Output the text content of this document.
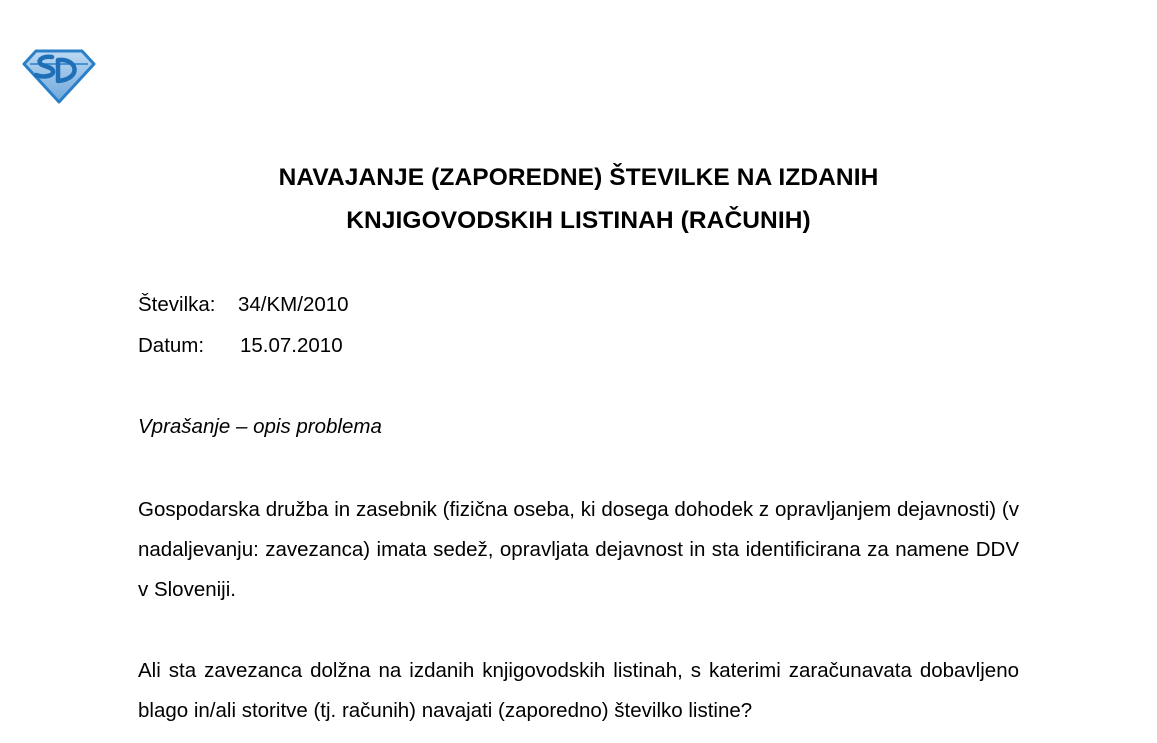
NAVAJANJE (ZAPOREDNE) ŠTEVILKE NA IZDANIH
KNJIGOVODSKIH LISTINAH (RAČUNIH)
Številka: 34/KM/2010
Datum: 15.07.2010
Vprašanje – opis problema
Gospodarska družba in zasebnik (fizična oseba, ki dosega dohodek z opravljanjem dejavnosti) (v nadaljevanju: zavezanca) imata sedež, opravljata dejavnost in sta identificirana za namene DDV v Sloveniji.
Ali sta zavezanca dolžna na izdanih knjigovodskih listinah, s katerimi zaračunavata dobavljeno blago in/ali storitve (tj. računih) navajati (zaporedno) številko listine?
